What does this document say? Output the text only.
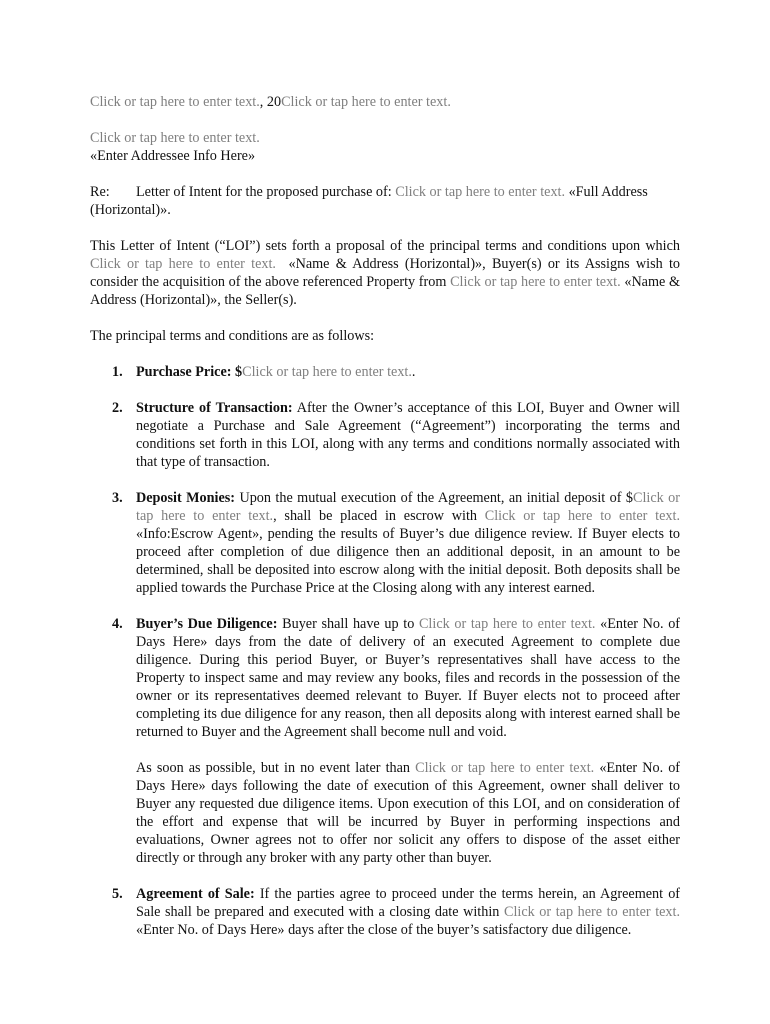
Click or tap here to enter text., 20Click or tap here to enter text.

Click or tap here to enter text.
«Enter Addressee Info Here»

Re: Letter of Intent for the proposed purchase of: Click or tap here to enter text. «Full Address (Horizontal)».

This Letter of Intent (“LOI”) sets forth a proposal of the principal terms and conditions upon which Click or tap here to enter text. «Name & Address (Horizontal)», Buyer(s) or its Assigns wish to consider the acquisition of the above referenced Property from Click or tap here to enter text. «Name & Address (Horizontal)», the Seller(s).

The principal terms and conditions are as follows:

1. Purchase Price: $Click or tap here to enter text..
2. Structure of Transaction: After the Owner’s acceptance of this LOI, Buyer and Owner will negotiate a Purchase and Sale Agreement (“Agreement”) incorporating the terms and conditions set forth in this LOI, along with any terms and conditions normally associated with that type of transaction.
3. Deposit Monies: Upon the mutual execution of the Agreement, an initial deposit of $Click or tap here to enter text., shall be placed in escrow with Click or tap here to enter text. «Info:Escrow Agent», pending the results of Buyer’s due diligence review. If Buyer elects to proceed after completion of due diligence then an additional deposit, in an amount to be determined, shall be deposited into escrow along with the initial deposit. Both deposits shall be applied towards the Purchase Price at the Closing along with any interest earned.
4. Buyer’s Due Diligence: Buyer shall have up to Click or tap here to enter text. «Enter No. of Days Here» days from the date of delivery of an executed Agreement to complete due diligence. During this period Buyer, or Buyer’s representatives shall have access to the Property to inspect same and may review any books, files and records in the possession of the owner or its representatives deemed relevant to Buyer. If Buyer elects not to proceed after completing its due diligence for any reason, then all deposits along with interest earned shall be returned to Buyer and the Agreement shall become null and void.
As soon as possible, but in no event later than Click or tap here to enter text. «Enter No. of Days Here» days following the date of execution of this Agreement, owner shall deliver to Buyer any requested due diligence items. Upon execution of this LOI, and on consideration of the effort and expense that will be incurred by Buyer in performing inspections and evaluations, Owner agrees not to offer nor solicit any offers to dispose of the asset either directly or through any broker with any party other than buyer.
5. Agreement of Sale: If the parties agree to proceed under the terms herein, an Agreement of Sale shall be prepared and executed with a closing date within Click or tap here to enter text. «Enter No. of Days Here» days after the close of the buyer’s satisfactory due diligence.
